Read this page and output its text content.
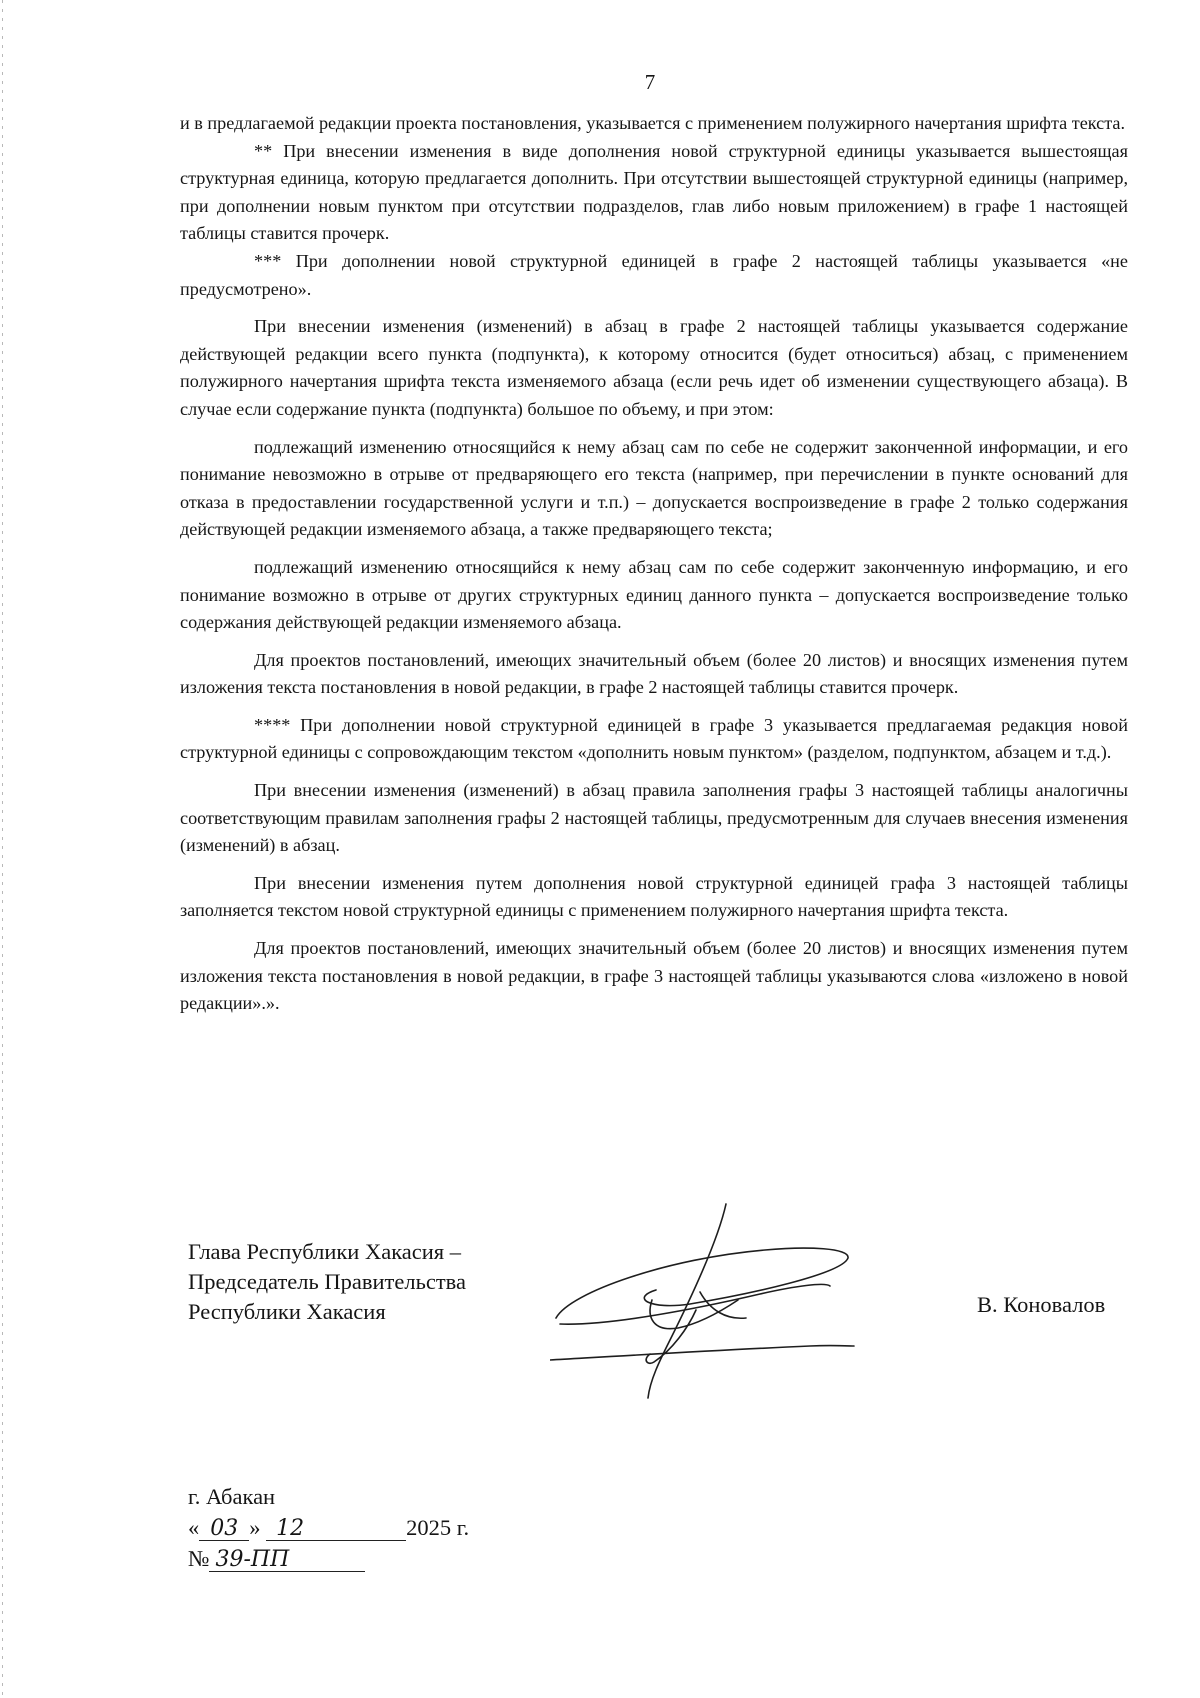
7

и в предлагаемой редакции проекта постановления, указывается с применением полужирного начертания шрифта текста.

** При внесении изменения в виде дополнения новой структурной единицы указывается вышестоящая структурная единица, которую предлагается дополнить. При отсутствии вышестоящей структурной единицы (например, при дополнении новым пунктом при отсутствии подразделов, глав либо новым приложением) в графе 1 настоящей таблицы ставится прочерк.

*** При дополнении новой структурной единицей в графе 2 настоящей таблицы указывается «не предусмотрено».

При внесении изменения (изменений) в абзац в графе 2 настоящей таблицы указывается содержание действующей редакции всего пункта (подпункта), к которому относится (будет относиться) абзац, с применением полужирного начертания шрифта текста изменяемого абзаца (если речь идет об изменении существующего абзаца). В случае если содержание пункта (подпункта) большое по объему, и при этом:

подлежащий изменению относящийся к нему абзац сам по себе не содержит законченной информации, и его понимание невозможно в отрыве от предваряющего его текста (например, при перечислении в пункте оснований для отказа в предоставлении государственной услуги и т.п.) – допускается воспроизведение в графе 2 только содержания действующей редакции изменяемого абзаца, а также предваряющего текста;

подлежащий изменению относящийся к нему абзац сам по себе содержит законченную информацию, и его понимание возможно в отрыве от других структурных единиц данного пункта – допускается воспроизведение только содержания действующей редакции изменяемого абзаца.

Для проектов постановлений, имеющих значительный объем (более 20 листов) и вносящих изменения путем изложения текста постановления в новой редакции, в графе 2 настоящей таблицы ставится прочерк.

**** При дополнении новой структурной единицей в графе 3 указывается предлагаемая редакция новой структурной единицы с сопровождающим текстом «дополнить новым пунктом» (разделом, подпунктом, абзацем и т.д.).

При внесении изменения (изменений) в абзац правила заполнения графы 3 настоящей таблицы аналогичны соответствующим правилам заполнения графы 2 настоящей таблицы, предусмотренным для случаев внесения изменения (изменений) в абзац.

При внесении изменения путем дополнения новой структурной единицей графа 3 настоящей таблицы заполняется текстом новой структурной единицы с применением полужирного начертания шрифта текста.

Для проектов постановлений, имеющих значительный объем (более 20 листов) и вносящих изменения путем изложения текста постановления в новой редакции, в графе 3 настоящей таблицы указываются слова «изложено в новой редакции».».

Глава Республики Хакасия –
Председатель Правительства
Республики Хакасия	В. Коновалов
г. Абакан
« 03 » 12	2025 г.
№ 39-ПП
